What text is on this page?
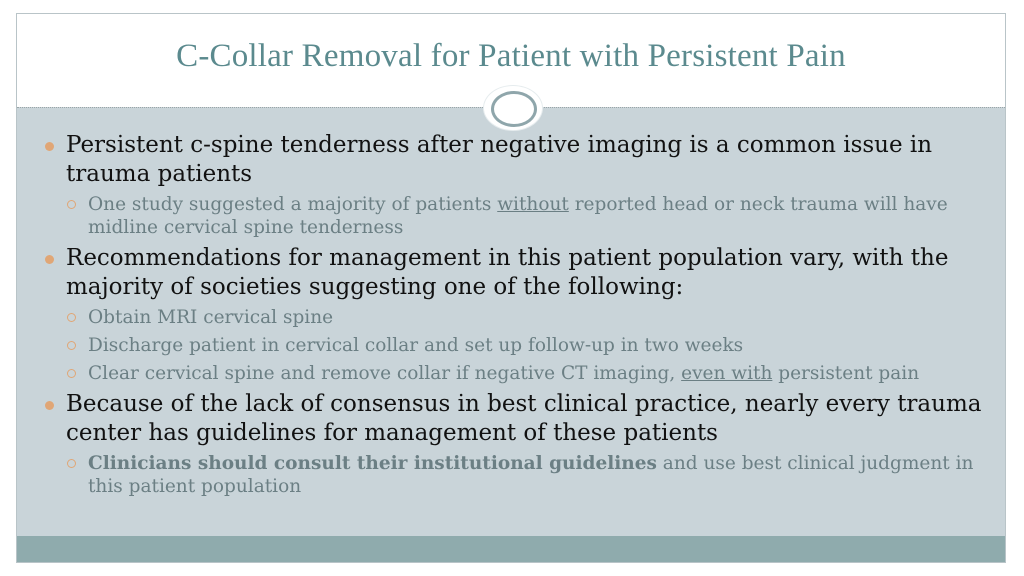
C-Collar Removal for Patient with Persistent Pain

Persistent c-spine tenderness after negative imaging is a common issue in trauma patients

One study suggested a majority of patients without reported head or neck trauma will have midline cervical spine tenderness

Recommendations for management in this patient population vary, with the majority of societies suggesting one of the following:

Obtain MRI cervical spine

Discharge patient in cervical collar and set up follow-up in two weeks

Clear cervical spine and remove collar if negative CT imaging, even with persistent pain

Because of the lack of consensus in best clinical practice, nearly every trauma center has guidelines for management of these patients

Clinicians should consult their institutional guidelines and use best clinical judgment in this patient population
